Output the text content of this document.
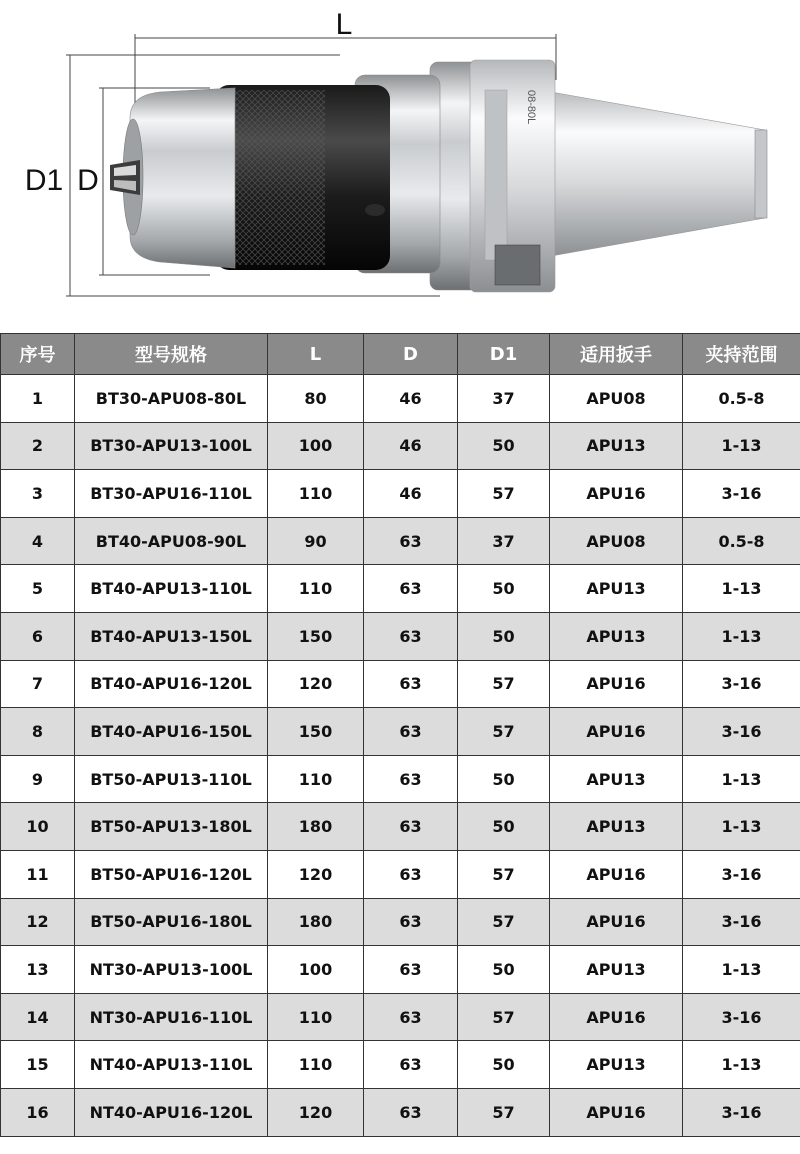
L
D1 D
08-80L
序号	型号规格	L	D	D1	适用扳手	夹持范围
1	BT30-APU08-80L	80	46	37	APU08	0.5-8
2	BT30-APU13-100L	100	46	50	APU13	1-13
3	BT30-APU16-110L	110	46	57	APU16	3-16
4	BT40-APU08-90L	90	63	37	APU08	0.5-8
5	BT40-APU13-110L	110	63	50	APU13	1-13
6	BT40-APU13-150L	150	63	50	APU13	1-13
7	BT40-APU16-120L	120	63	57	APU16	3-16
8	BT40-APU16-150L	150	63	57	APU16	3-16
9	BT50-APU13-110L	110	63	50	APU13	1-13
10	BT50-APU13-180L	180	63	50	APU13	1-13
11	BT50-APU16-120L	120	63	57	APU16	3-16
12	BT50-APU16-180L	180	63	57	APU16	3-16
13	NT30-APU13-100L	100	63	50	APU13	1-13
14	NT30-APU16-110L	110	63	57	APU16	3-16
15	NT40-APU13-110L	110	63	50	APU13	1-13
16	NT40-APU16-120L	120	63	57	APU16	3-16
